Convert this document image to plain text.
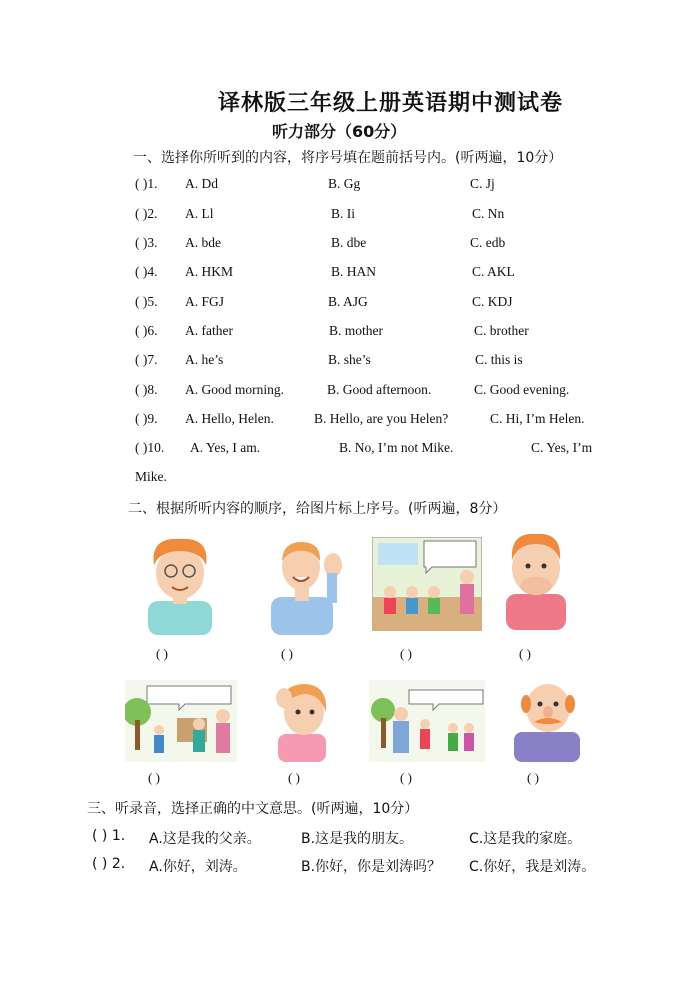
译林版三年级上册英语期中测试卷
听力部分（60分）
一、选择你所听到的内容，将序号填在题前括号内。(听两遍，10分）
( )1. A. Dd	B. Gg	C. Jj
( )2. A. Ll	B. Ii	C. Nn
( )3. A. bde	B. dbe	C. edb
( )4. A. HKM	B. HAN	C. AKL
( )5. A. FGJ	B. AJG	C. KDJ
( )6. A. father	B. mother	C. brother
( )7. A. he’s	B. she’s	C. this is
( )8. A. Good morning.	B. Good afternoon.	C. Good evening.
( )9. A. Hello, Helen.	B. Hello, are you Helen?	C. Hi, I’m Helen.
( )10. A. Yes, I am.	B. No, I’m not Mike.	C. Yes, I’m
Mike.
二、根据所听内容的顺序，给图片标上序号。(听两遍，8分）
( )	( )	( )	( )
( )	( )	( )	( )
三、听录音，选择正确的中文意思。(听两遍，10分）
( ) 1. A.这是我的父亲。	B.这是我的朋友。	C.这是我的家庭。
( ) 2. A.你好，刘涛。	B.你好，你是刘涛吗？ C.你好，我是刘涛。
